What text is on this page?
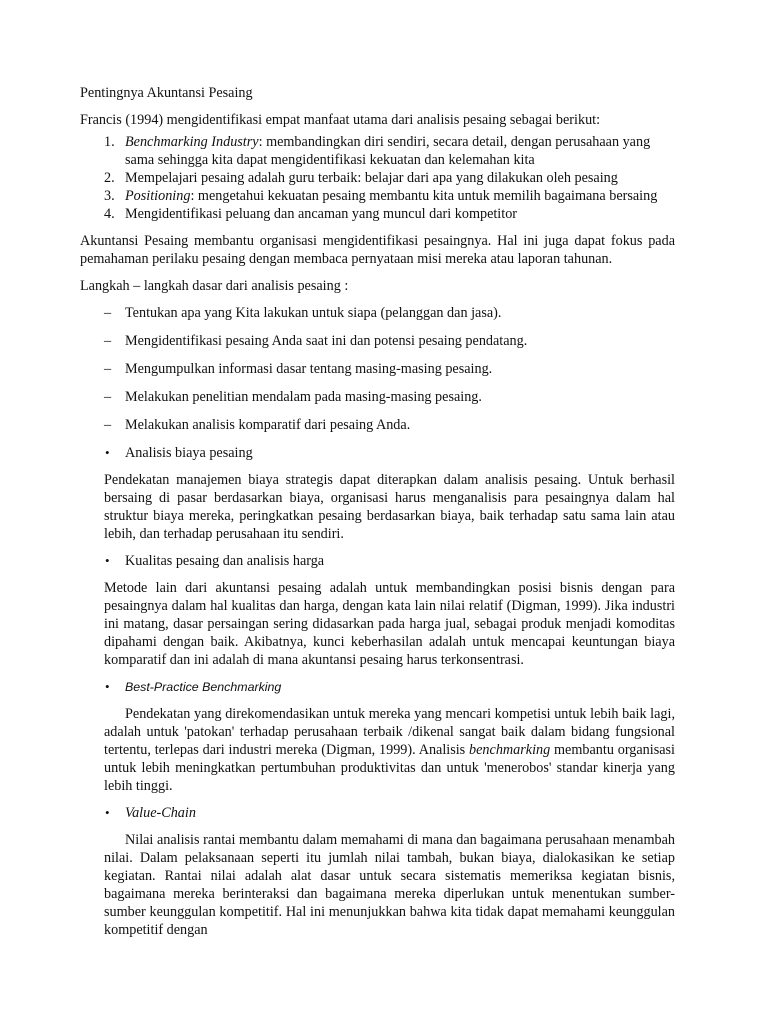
Pentingnya Akuntansi Pesaing

Francis (1994) mengidentifikasi empat manfaat utama dari analisis pesaing sebagai berikut:

1. Benchmarking Industry: membandingkan diri sendiri, secara detail, dengan perusahaan yang sama sehingga kita dapat mengidentifikasi kekuatan dan kelemahan kita
2. Mempelajari pesaing adalah guru terbaik: belajar dari apa yang dilakukan oleh pesaing
3. Positioning: mengetahui kekuatan pesaing membantu kita untuk memilih bagaimana bersaing
4. Mengidentifikasi peluang dan ancaman yang muncul dari kompetitor

Akuntansi Pesaing membantu organisasi mengidentifikasi pesaingnya. Hal ini juga dapat fokus pada pemahaman perilaku pesaing dengan membaca pernyataan misi mereka atau laporan tahunan.

Langkah – langkah dasar dari analisis pesaing :

– Tentukan apa yang Kita lakukan untuk siapa (pelanggan dan jasa).
– Mengidentifikasi pesaing Anda saat ini dan potensi pesaing pendatang.
– Mengumpulkan informasi dasar tentang masing-masing pesaing.
– Melakukan penelitian mendalam pada masing-masing pesaing.
– Melakukan analisis komparatif dari pesaing Anda.

• Analisis biaya pesaing

Pendekatan manajemen biaya strategis dapat diterapkan dalam analisis pesaing. Untuk berhasil bersaing di pasar berdasarkan biaya, organisasi harus menganalisis para pesaingnya dalam hal struktur biaya mereka, peringkatkan pesaing berdasarkan biaya, baik terhadap satu sama lain atau lebih, dan terhadap perusahaan itu sendiri.

• Kualitas pesaing dan analisis harga

Metode lain dari akuntansi pesaing adalah untuk membandingkan posisi bisnis dengan para pesaingnya dalam hal kualitas dan harga, dengan kata lain nilai relatif (Digman, 1999). Jika industri ini matang, dasar persaingan sering didasarkan pada harga jual, sebagai produk menjadi komoditas dipahami dengan baik. Akibatnya, kunci keberhasilan adalah untuk mencapai keuntungan biaya komparatif dan ini adalah di mana akuntansi pesaing harus terkonsentrasi.

• Best-Practice Benchmarking

Pendekatan yang direkomendasikan untuk mereka yang mencari kompetisi untuk lebih baik lagi, adalah untuk 'patokan' terhadap perusahaan terbaik /dikenal sangat baik dalam bidang fungsional tertentu, terlepas dari industri mereka (Digman, 1999). Analisis benchmarking membantu organisasi untuk lebih meningkatkan pertumbuhan produktivitas dan untuk 'menerobos' standar kinerja yang lebih tinggi.

• Value-Chain

Nilai analisis rantai membantu dalam memahami di mana dan bagaimana perusahaan menambah nilai. Dalam pelaksanaan seperti itu jumlah nilai tambah, bukan biaya, dialokasikan ke setiap kegiatan. Rantai nilai adalah alat dasar untuk secara sistematis memeriksa kegiatan bisnis, bagaimana mereka berinteraksi dan bagaimana mereka diperlukan untuk menentukan sumber-sumber keunggulan kompetitif. Hal ini menunjukkan bahwa kita tidak dapat memahami keunggulan kompetitif dengan
